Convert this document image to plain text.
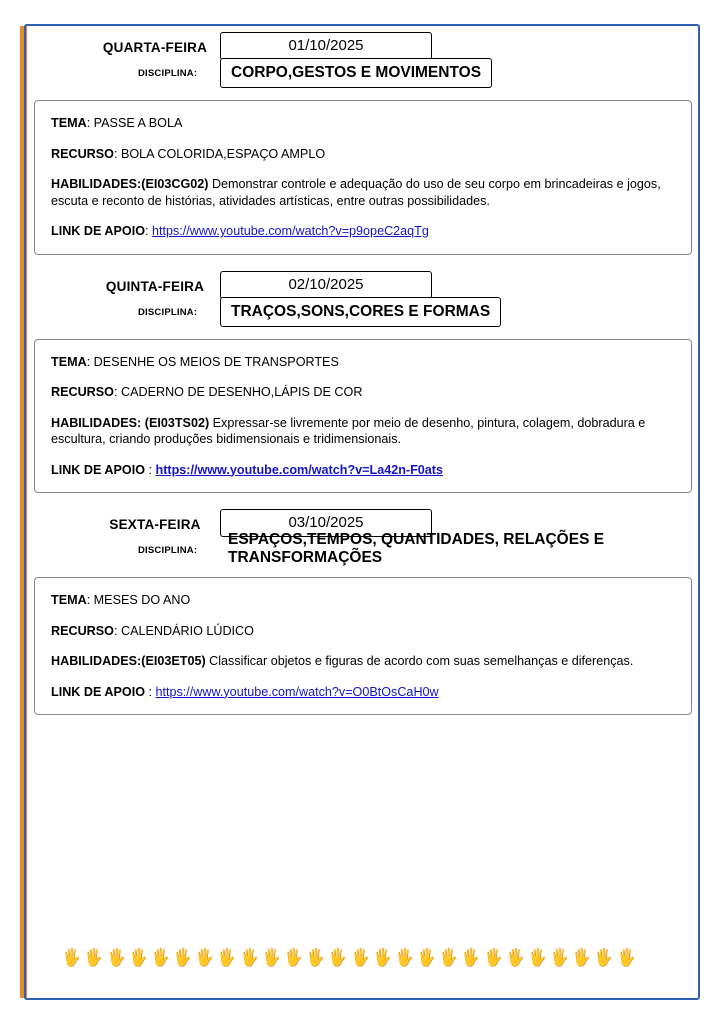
QUARTA-FEIRA	01/10/2025
DISCIPLINA:	CORPO,GESTOS E MOVIMENTOS

TEMA: PASSE A BOLA

RECURSO: BOLA COLORIDA,ESPAÇO AMPLO

HABILIDADES:(EI03CG02) Demonstrar controle e adequação do uso de seu corpo em brincadeiras e jogos, escuta e reconto de histórias, atividades artísticas, entre outras possibilidades.

LINK DE APOIO: https://www.youtube.com/watch?v=p9opeC2aqTg

QUINTA-FEIRA	02/10/2025
DISCIPLINA:	TRAÇOS,SONS,CORES E FORMAS

TEMA: DESENHE OS MEIOS DE TRANSPORTES

RECURSO: CADERNO DE DESENHO,LÁPIS DE COR

HABILIDADES: (EI03TS02) Expressar-se livremente por meio de desenho, pintura, colagem, dobradura e escultura, criando produções bidimensionais e tridimensionais.

LINK DE APOIO : https://www.youtube.com/watch?v=La42n-F0ats

SEXTA-FEIRA	03/10/2025
DISCIPLINA:
ESPAÇOS,TEMPOS, QUANTIDADES, RELAÇÕES E TRANSFORMAÇÕES

TEMA: MESES DO ANO

RECURSO: CALENDÁRIO LÚDICO

HABILIDADES:(EI03ET05) Classificar objetos e figuras de acordo com suas semelhanças e diferenças.

LINK DE APOIO : https://www.youtube.com/watch?v=O0BtOsCaH0w

🖐 🖐 🖐 🖐 🖐 🖐 🖐 🖐 🖐 🖐 🖐 🖐 🖐 🖐 🖐 🖐 🖐 🖐 🖐 🖐 🖐 🖐 🖐 🖐 🖐 🖐
